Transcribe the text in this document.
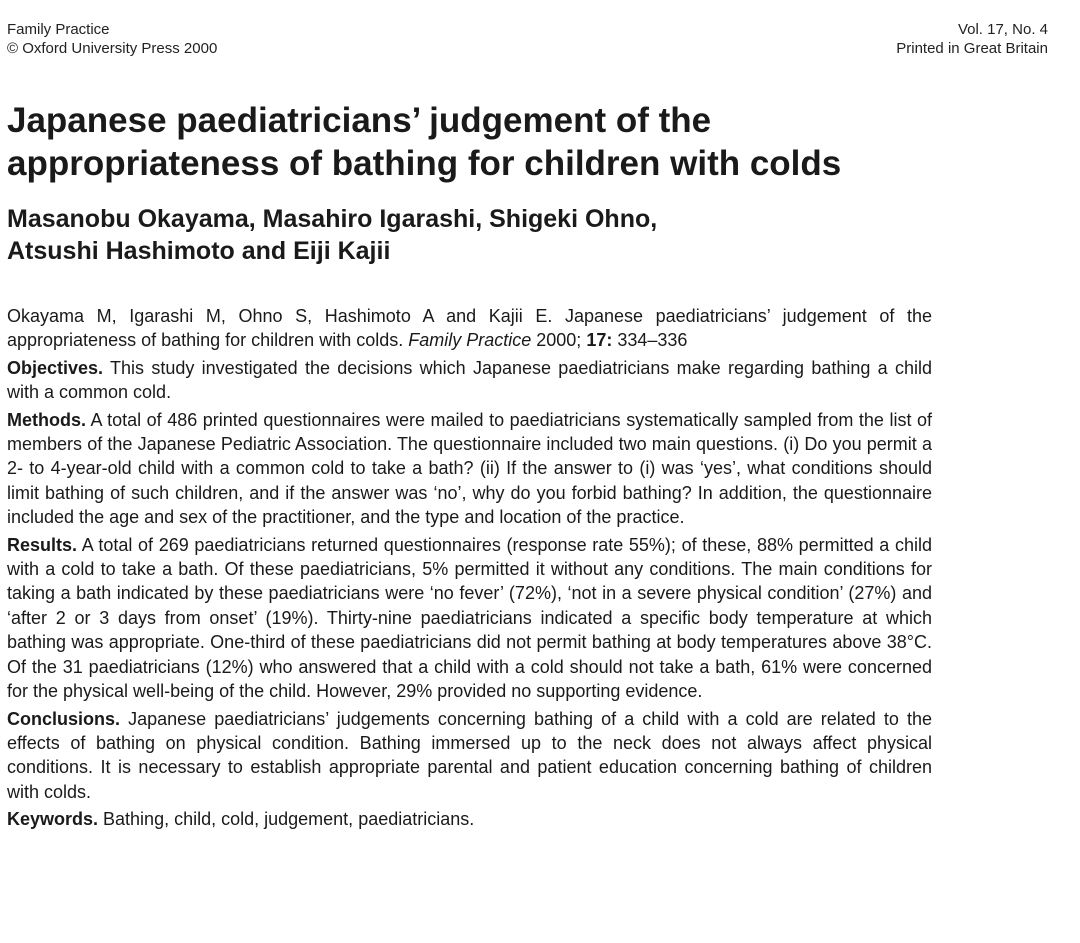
Family Practice
© Oxford University Press 2000
Vol. 17, No. 4
Printed in Great Britain
Japanese paediatricians’ judgement of the
appropriateness of bathing for children with colds
Masanobu Okayama, Masahiro Igarashi, Shigeki Ohno,
Atsushi Hashimoto and Eiji Kajii

Okayama M, Igarashi M, Ohno S, Hashimoto A and Kajii E. Japanese paediatricians’ judgement of the appropriateness of bathing for children with colds. Family Practice 2000; 17: 334–336

Objectives. This study investigated the decisions which Japanese paediatricians make regarding bathing a child with a common cold.

Methods. A total of 486 printed questionnaires were mailed to paediatricians systematically sampled from the list of members of the Japanese Pediatric Association. The questionnaire included two main questions. (i) Do you permit a 2- to 4-year-old child with a common cold to take a bath? (ii) If the answer to (i) was ‘yes’, what conditions should limit bathing of such children, and if the answer was ‘no’, why do you forbid bathing? In addition, the questionnaire included the age and sex of the practitioner, and the type and location of the practice.

Results. A total of 269 paediatricians returned questionnaires (response rate 55%); of these, 88% permitted a child with a cold to take a bath. Of these paediatricians, 5% permitted it without any conditions. The main conditions for taking a bath indicated by these paediatricians were ‘no fever’ (72%), ‘not in a severe physical condition’ (27%) and ‘after 2 or 3 days from onset’ (19%). Thirty-nine paediatricians indicated a specific body temperature at which bathing was appropriate. One-third of these paediatricians did not permit bathing at body temperatures above 38°C. Of the 31 paediatricians (12%) who answered that a child with a cold should not take a bath, 61% were concerned for the physical well-being of the child. However, 29% provided no supporting evidence.

Conclusions. Japanese paediatricians’ judgements concerning bathing of a child with a cold are related to the effects of bathing on physical condition. Bathing immersed up to the neck does not always affect physical conditions. It is necessary to establish appropriate parental and patient education concerning bathing of children with colds.

Keywords. Bathing, child, cold, judgement, paediatricians.
